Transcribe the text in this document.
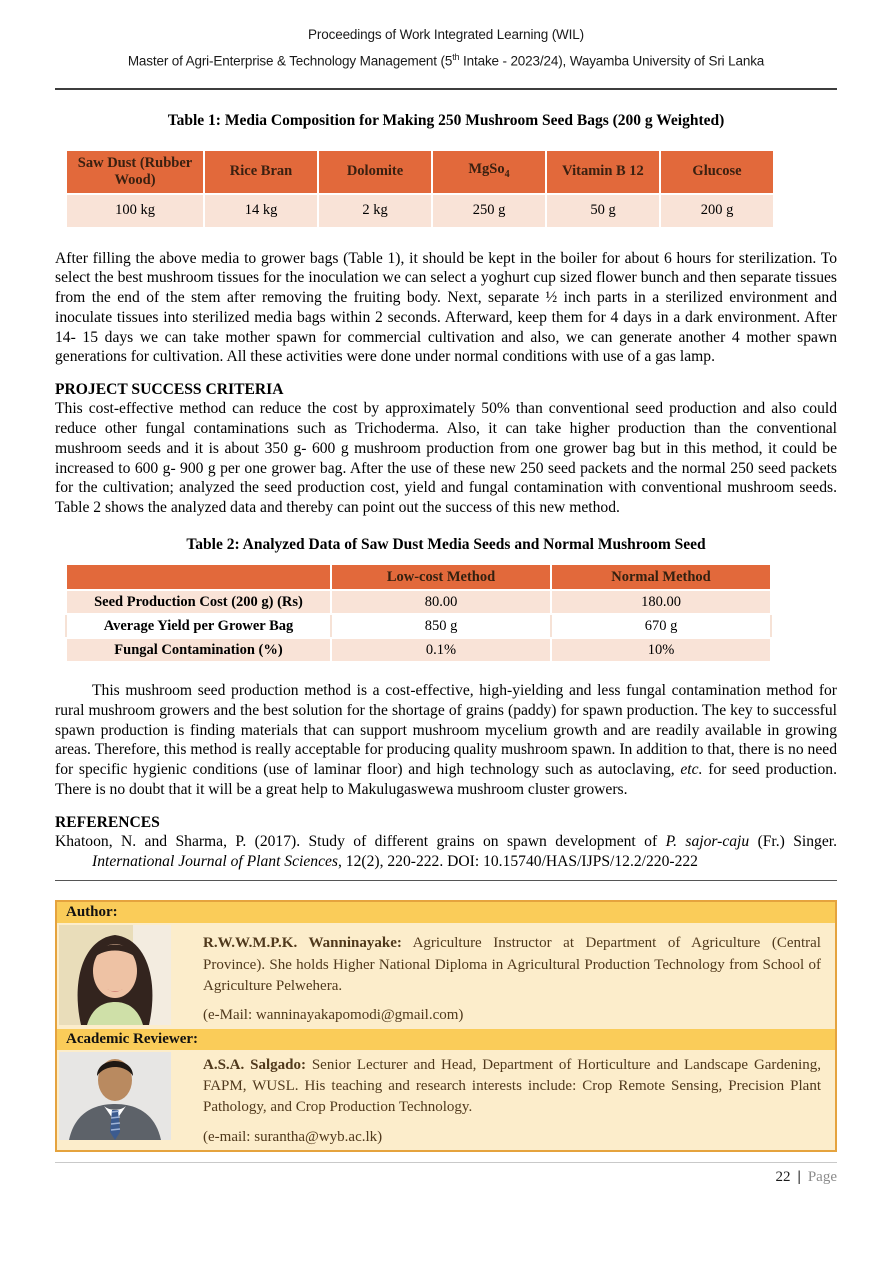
Proceedings of Work Integrated Learning (WIL)
Master of Agri-Enterprise & Technology Management (5th Intake - 2023/24), Wayamba University of Sri Lanka
Table 1: Media Composition for Making 250 Mushroom Seed Bags (200 g Weighted)
Saw Dust (Rubber Wood)	Rice Bran	Dolomite	MgSo$_4$	Vitamin B 12	Glucose
100 kg	14 kg	2 kg	250 g	50 g	200 g

After filling the above media to grower bags (Table 1), it should be kept in the boiler for about 6 hours for sterilization. To select the best mushroom tissues for the inoculation we can select a yoghurt cup sized flower bunch and then separate tissues from the end of the stem after removing the fruiting body. Next, separate ½ inch parts in a sterilized environment and inoculate tissues into sterilized media bags within 2 seconds. Afterward, keep them for 4 days in a dark environment. After 14- 15 days we can take mother spawn for commercial cultivation and also, we can generate another 4 mother spawn generations for cultivation. All these activities were done under normal conditions with use of a gas lamp.

PROJECT SUCCESS CRITERIA

This cost-effective method can reduce the cost by approximately 50% than conventional seed production and also could reduce other fungal contaminations such as Trichoderma. Also, it can take higher production than the conventional mushroom seeds and it is about 350 g- 600 g mushroom production from one grower bag but in this method, it could be increased to 600 g- 900 g per one grower bag. After the use of these new 250 seed packets and the normal 250 seed packets for the cultivation; analyzed the seed production cost, yield and fungal contamination with conventional mushroom seeds. Table 2 shows the analyzed data and thereby can point out the success of this new method.

Table 2: Analyzed Data of Saw Dust Media Seeds and Normal Mushroom Seed
	Low-cost Method	Normal Method
Seed Production Cost (200 g) (Rs)	80.00	180.00
Average Yield per Grower Bag	850 g	670 g
Fungal Contamination (%)	0.1%	10%

This mushroom seed production method is a cost-effective, high-yielding and less fungal contamination method for rural mushroom growers and the best solution for the shortage of grains (paddy) for spawn production. The key to successful spawn production is finding materials that can support mushroom mycelium growth and are readily available in growing areas. Therefore, this method is really acceptable for producing quality mushroom spawn. In addition to that, there is no need for specific hygienic conditions (use of laminar floor) and high technology such as autoclaving, etc. for seed production. There is no doubt that it will be a great help to Makulugaswewa mushroom cluster growers.

REFERENCES

Khatoon, N. and Sharma, P. (2017). Study of different grains on spawn development of P. sajor-caju (Fr.) Singer. International Journal of Plant Sciences, 12(2), 220-222. DOI: 10.15740/HAS/IJPS/12.2/220-222

Author:

R.W.W.M.P.K. Wanninayake: Agriculture Instructor at Department of Agriculture (Central Province). She holds Higher National Diploma in Agricultural Production Technology from School of Agriculture Pelwehera.

(e-Mail: wanninayakapomodi@gmail.com)

Academic Reviewer:

A.S.A. Salgado: Senior Lecturer and Head, Department of Horticulture and Landscape Gardening, FAPM, WUSL. His teaching and research interests include: Crop Remote Sensing, Precision Plant Pathology, and Crop Production Technology.

(e-mail: surantha@wyb.ac.lk)

22 | Page
